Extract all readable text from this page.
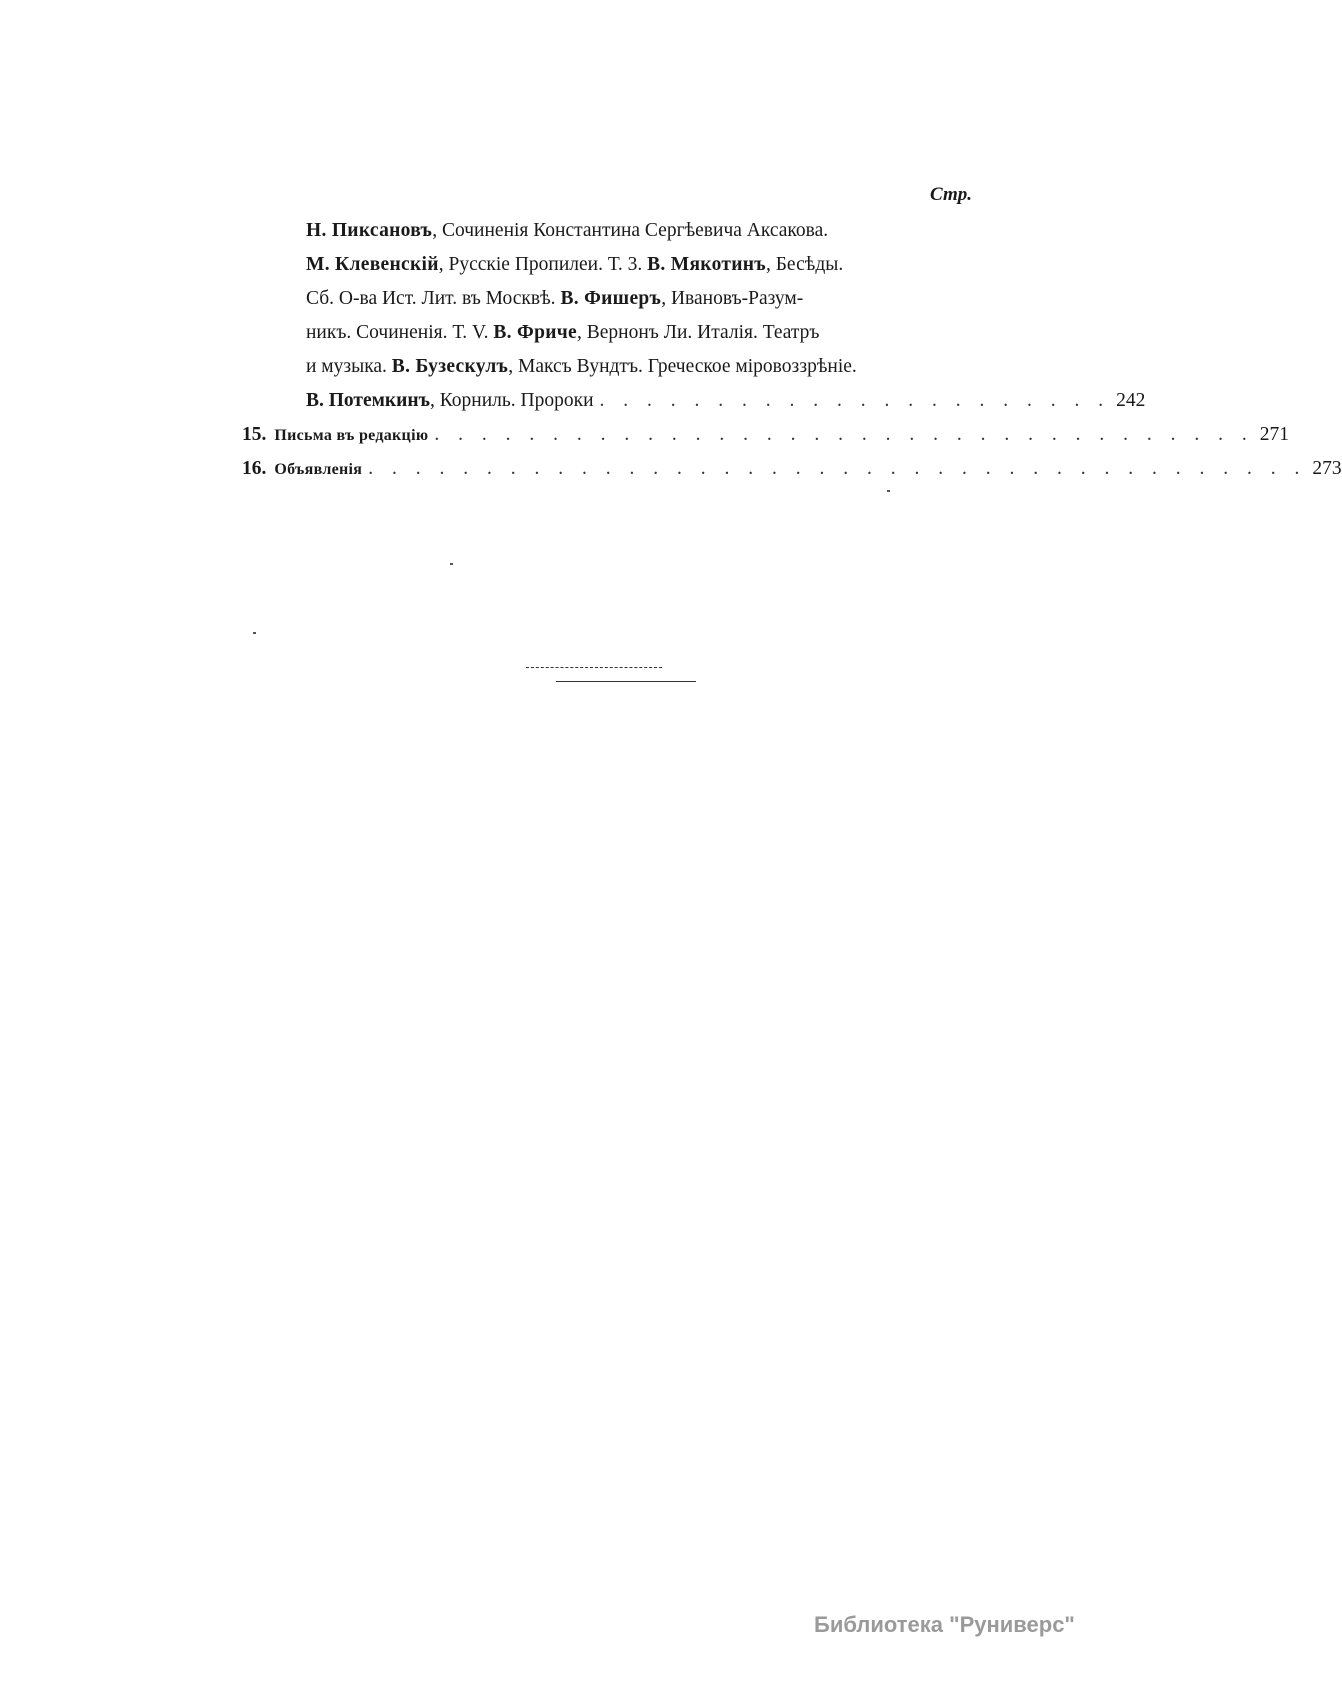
Стр.

Н. Пиксановъ, Сочиненія Константина Сергѣевича Аксакова.

М. Клевенскій, Русскіе Пропилеи. Т. 3. В. Мякотинъ, Бесѣды.

Сб. О-ва Ист. Лит. въ Москвѣ. В. Фишеръ, Ивановъ-Разум-

никъ. Сочиненія. Т. V. В. Фриче, Вернонъ Ли. Италія. Театръ

и музыка. В. Бузескулъ, Максъ Вундтъ. Греческое міровоззрѣніе.

В. Потемкинъ, Корниль. Пророки . . . . . . . . . . . . . . . . . . . . . . 242
15. Письма въ редакцію . . . . . . . . . . . . . . . . . . . . . . . . . . . . . . . . . . . 271
16. Объявленія . . . . . . . . . . . . . . . . . . . . . . . . . . . . . . . . . . . . . . . . 273
Библиотека "Руниверс"
